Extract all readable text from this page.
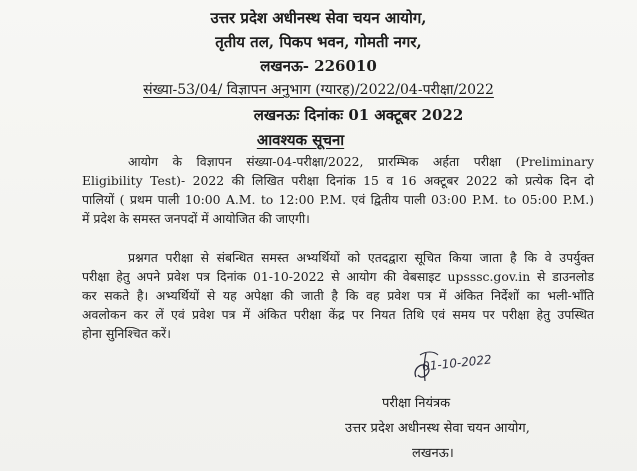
उत्तर प्रदेश अधीनस्थ सेवा चयन आयोग,
तृतीय तल, पिकप भवन, गोमती नगर,
लखनऊ- 226010
संख्या-53/04/ विज्ञापन अनुभाग (ग्यारह)/2022/04-परीक्षा/2022
लखनऊः दिनांकः 01 अक्टूबर 2022
आवश्यक सूचना
आयोग के विज्ञापन संख्या-04-परीक्षा/2022, प्रारम्भिक अर्हता परीक्षा (Preliminary
Eligibility Test)- 2022 की लिखित परीक्षा दिनांक 15 व 16 अक्टूबर 2022 को प्रत्येक दिन दो
पालियों ( प्रथम पाली 10:00 A.M. to 12:00 P.M. एवं द्वितीय पाली 03:00 P.M. to 05:00 P.M.)
में प्रदेश के समस्त जनपदों में आयोजित की जाएगी।
प्रश्नगत परीक्षा से संबन्धित समस्त अभ्यर्थियों को एतदद्वारा सूचित किया जाता है कि वे उपर्युक्त
परीक्षा हेतु अपने प्रवेश पत्र दिनांक 01-10-2022 से आयोग की वेबसाइट upsssc.gov.in से डाउनलोड
कर सकते है। अभ्यर्थियों से यह अपेक्षा की जाती है कि वह प्रवेश पत्र में अंकित निर्देशों का भली-भाँति
अवलोकन कर लें एवं प्रवेश पत्र में अंकित परीक्षा केंद्र पर नियत तिथि एवं समय पर परीक्षा हेतु उपस्थित
होना सुनिश्चित करें।
01-10-2022
परीक्षा नियंत्रक
उत्तर प्रदेश अधीनस्थ सेवा चयन आयोग,
लखनऊ।
